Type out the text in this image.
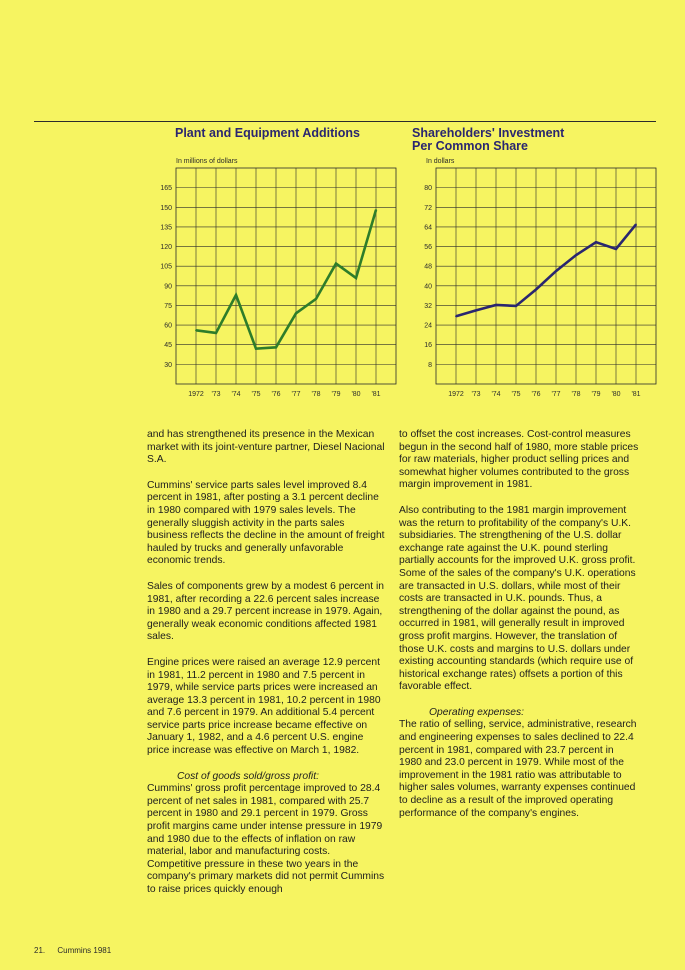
Plant and Equipment Additions
In millions of dollars
30
45
60
75
90
105
120
135
150
165
1972 '73 '74 '75 '76 '77 '78 '79 '80 '81
Shareholders' Investment
Per Common Share
In dollars
8
16
24
32
40
48
56
64
72
80
1972 '73 '74 '75 '76 '77 '78 '79 '80 '81

and has strengthened its presence in the Mexican market with its joint-venture partner, Diesel Nacional S.A.

Cummins' service parts sales level improved 8.4 percent in 1981, after posting a 3.1 percent decline in 1980 compared with 1979 sales levels. The generally sluggish activity in the parts sales business reflects the decline in the amount of freight hauled by trucks and generally unfavorable economic trends.

Sales of components grew by a modest 6 percent in 1981, after recording a 22.6 percent sales increase in 1980 and a 29.7 percent increase in 1979. Again, generally weak economic conditions affected 1981 sales.

Engine prices were raised an average 12.9 percent in 1981, 11.2 percent in 1980 and 7.5 percent in 1979, while service parts prices were increased an average 13.3 percent in 1981, 10.2 percent in 1980 and 7.6 percent in 1979. An additional 5.4 percent service parts price increase became effective on January 1, 1982, and a 4.6 percent U.S. engine price increase was effective on March 1, 1982.

Cost of goods sold/gross profit:

Cummins' gross profit percentage improved to 28.4 percent of net sales in 1981, compared with 25.7 percent in 1980 and 29.1 percent in 1979. Gross profit margins came under intense pressure in 1979 and 1980 due to the effects of inflation on raw material, labor and manufacturing costs. Competitive pressure in these two years in the company's primary markets did not permit Cummins to raise prices quickly enough

to offset the cost increases. Cost-control measures begun in the second half of 1980, more stable prices for raw materials, higher product selling prices and somewhat higher volumes contributed to the gross margin improvement in 1981.

Also contributing to the 1981 margin improvement was the return to profitability of the company's U.K. subsidiaries. The strengthening of the U.S. dollar exchange rate against the U.K. pound sterling partially accounts for the improved U.K. gross profit. Some of the sales of the company's U.K. operations are transacted in U.S. dollars, while most of their costs are transacted in U.K. pounds. Thus, a strengthening of the dollar against the pound, as occurred in 1981, will generally result in improved gross profit margins. However, the translation of those U.K. costs and margins to U.S. dollars under existing accounting standards (which require use of historical exchange rates) offsets a portion of this favorable effect.

Operating expenses:

The ratio of selling, service, administrative, research and engineering expenses to sales declined to 22.4 percent in 1981, compared with 23.7 percent in 1980 and 23.0 percent in 1979. While most of the improvement in the 1981 ratio was attributable to higher sales volumes, warranty expenses continued to decline as a result of the improved operating performance of the company's engines.

21. Cummins 1981
